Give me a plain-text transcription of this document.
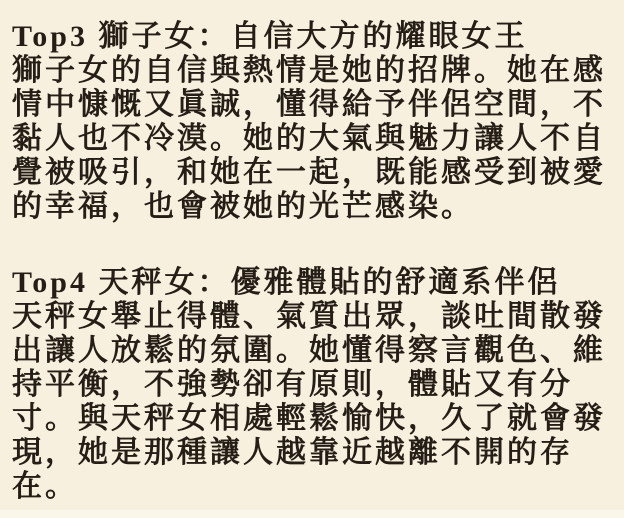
Top3 獅子女：自信大方的耀眼女王

獅子女的自信與熱情是她的招牌。她在感

情中慷慨又眞誠，懂得給予伴侶空間，不

黏人也不冷漠。她的大氣與魅力讓人不自

覺被吸引，和她在一起，既能感受到被愛

的幸福，也會被她的光芒感染。

Top4 天秤女：優雅體貼的舒適系伴侶

天秤女舉止得體、氣質出眾，談吐間散發

出讓人放鬆的氛圍。她懂得察言觀色、維

持平衡，不強勢卻有原則，體貼又有分

寸。與天秤女相處輕鬆愉快，久了就會發

現，她是那種讓人越靠近越離不開的存

在。
